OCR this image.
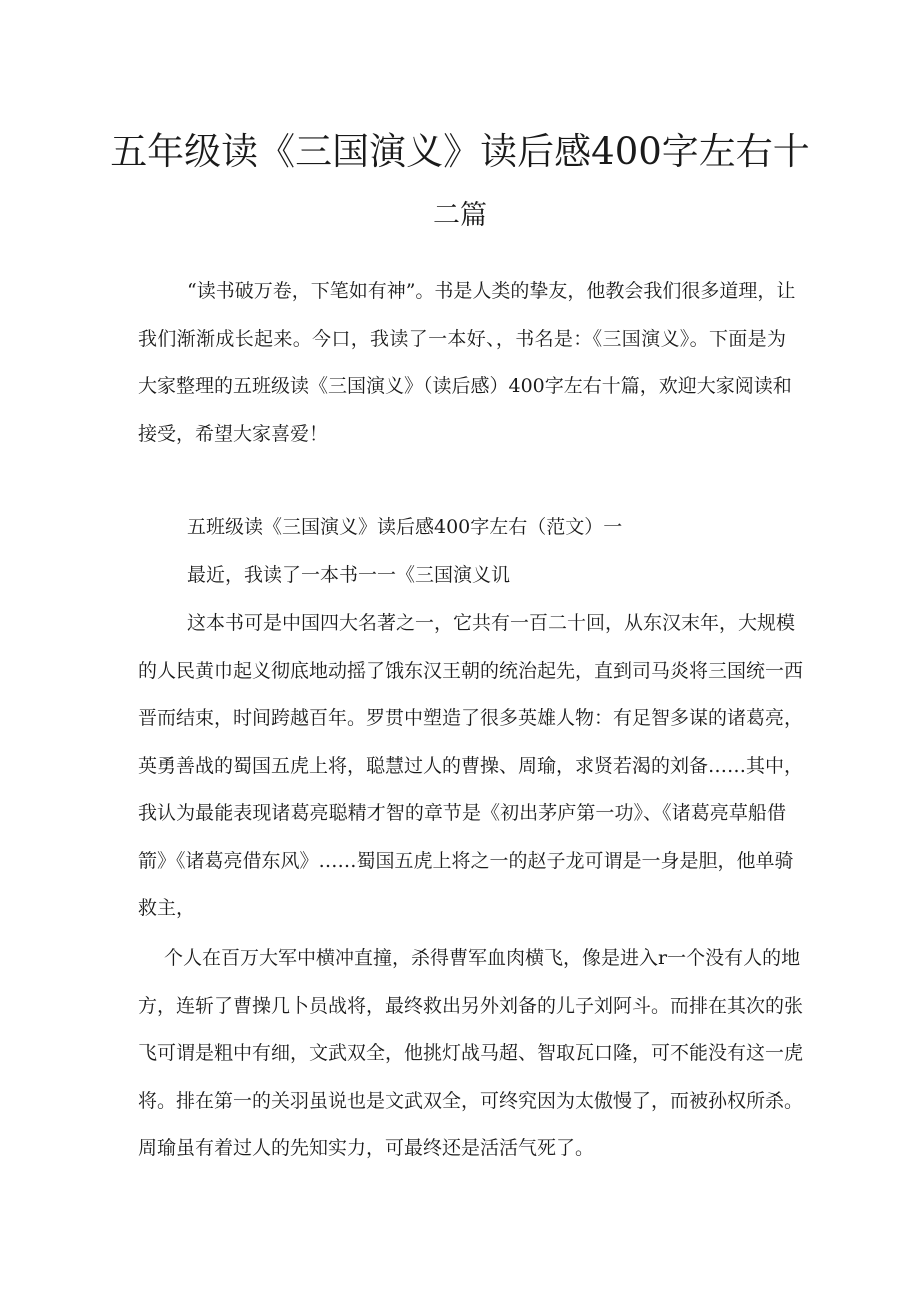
五年级读《三国演义》读后感400字左右十
二篇
“读书破万卷，下笔如有神”。书是人类的挚友，他教会我们很多道理，让
我们渐渐成长起来。今口，我读了一本好、，书名是：《三国演义》。下面是为
大家整理的五班级读《三国演义》（读后感）400字左右十篇，欢迎大家阅读和
接受，希望大家喜爱！
五班级读《三国演义》读后感400字左右（范文）一
最近，我读了一本书一一《三国演义讥
这本书可是中国四大名著之一，它共有一百二十回，从东汉末年，大规模
的人民黄巾起义彻底地动摇了饿东汉王朝的统治起先，直到司马炎将三国统一西
晋而结束，时间跨越百年。罗贯中塑造了很多英雄人物：有足智多谋的诸葛亮，
英勇善战的蜀国五虎上将，聪慧过人的曹操、周瑜，求贤若渴的刘备……其中，
我认为最能表现诸葛亮聪精才智的章节是《初出茅庐第一功》、《诸葛亮草船借
箭》《诸葛亮借东风》……蜀国五虎上将之一的赵子龙可谓是一身是胆，他单骑
救主，
个人在百万大军中横冲直撞，杀得曹军血肉横飞，像是进入r一个没有人的地
方，连斩了曹操几卜员战将，最终救出另外刘备的儿子刘阿斗。而排在其次的张
飞可谓是粗中有细，文武双全，他挑灯战马超、智取瓦口隆，可不能没有这一虎
将。排在第一的关羽虽说也是文武双全，可终究因为太傲慢了，而被孙权所杀。
周瑜虽有着过人的先知实力，可最终还是活活气死了。
